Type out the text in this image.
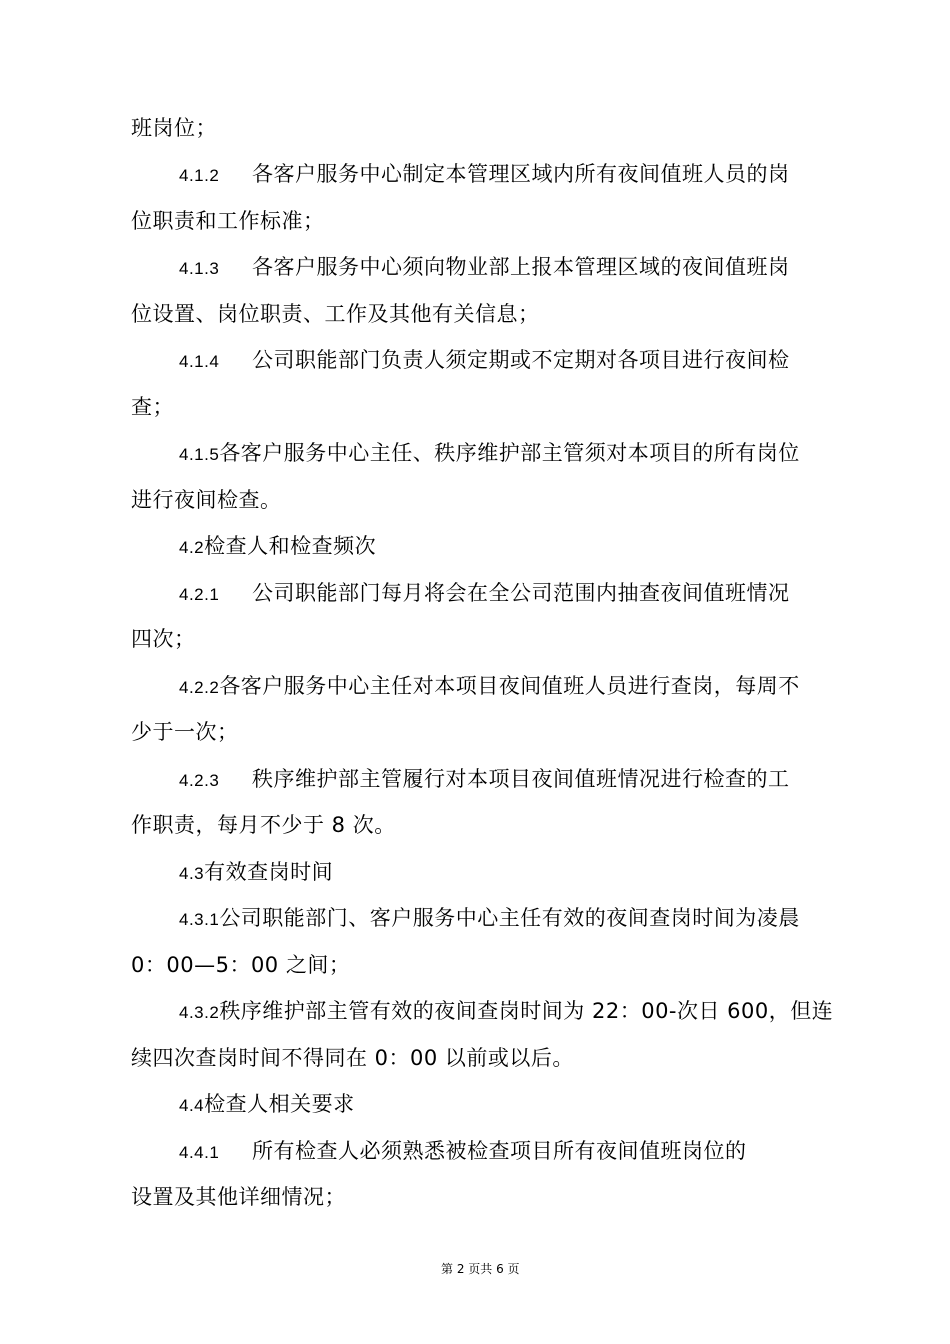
班岗位；
4.1.2 各客户服务中心制定本管理区域内所有夜间值班人员的岗
位职责和工作标准；
4.1.3 各客户服务中心须向物业部上报本管理区域的夜间值班岗
位设置、岗位职责、工作及其他有关信息；
4.1.4 公司职能部门负责人须定期或不定期对各项目进行夜间检
查；
4.1.5各客户服务中心主任、秩序维护部主管须对本项目的所有岗位
进行夜间检查。
4.2检查人和检查频次
4.2.1 公司职能部门每月将会在全公司范围内抽查夜间值班情况
四次；
4.2.2各客户服务中心主任对本项目夜间值班人员进行查岗，每周不
少于一次；
4.2.3 秩序维护部主管履行对本项目夜间值班情况进行检查的工
作职责，每月不少于 8 次。
4.3有效查岗时间
4.3.1公司职能部门、客户服务中心主任有效的夜间查岗时间为凌晨
0：00—5：00 之间；
4.3.2秩序维护部主管有效的夜间查岗时间为 22：00-次日 600，但连
续四次查岗时间不得同在 0：00 以前或以后。
4.4检查人相关要求
4.4.1 所有检查人必须熟悉被检查项目所有夜间值班岗位的
设置及其他详细情况；
第 2 页共 6 页
